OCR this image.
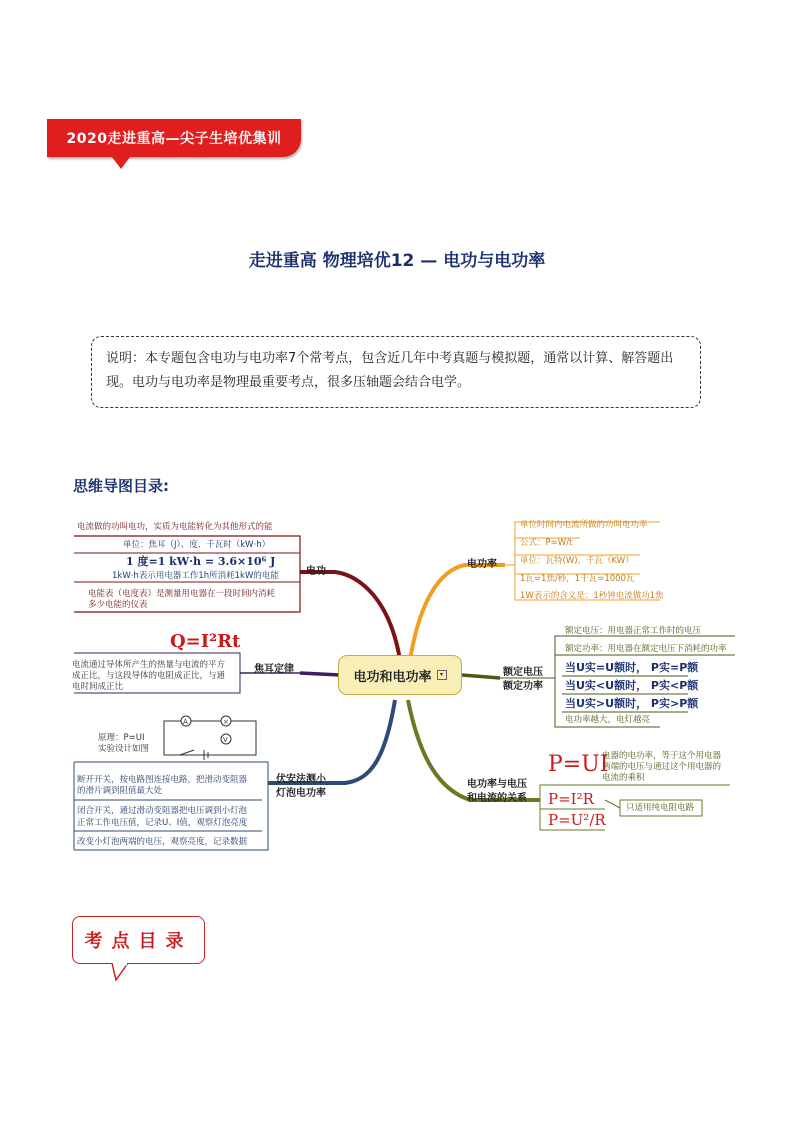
2020走进重高—尖子生培优集训
走进重高 物理培优12 — 电功与电功率
说明：本专题包含电功与电功率7个常考点，包含近几年中考真题与模拟题，通常以计算、解答题出现。电功与电功率是物理最重要考点，很多压轴题会结合电学。
思维导图目录:
A	×
V
电功和电功率	▾
电功
电流做的功叫电功，实质为电能转化为其他形式的能
单位：焦耳（J）、度、千瓦时（kW·h）
1 度=1 kW·h = 3.6×10⁶ J
1kW·h表示用电器工作1h所消耗1kW的电能
电能表（电度表）是测量用电器在一段时间内消耗
多少电能的仪表
Q=I²Rt
焦耳定律
电流通过导体所产生的热量与电流的平方
成正比，与这段导体的电阻成正比，与通
电时间成正比
原理：P=UI
实验设计如图
伏安法测小
灯泡电功率
断开开关，按电路图连接电路，把滑动变阻器
的滑片调到阻值最大处
闭合开关，通过滑动变阻器把电压调到小灯泡
正常工作电压值，记录U、I值，观察灯泡亮度
改变小灯泡两端的电压，观察亮度，记录数据
电功率
单位时间内电流所做的功叫电功率
公式：P=W/t
单位：瓦特(W)、千瓦（KW）
1瓦=1焦/秒，1千瓦=1000瓦
1W表示的含义是：1秒钟电流做功1焦
额定电压
额定功率
额定电压：用电器正常工作时的电压
额定功率：用电器在额定电压下消耗的功率
当U实=U额时， P实=P额
当U实<U额时， P实<P额
当U实>U额时， P实>P额
电功率越大，电灯越亮
电功率与电压
和电流的关系
P=UI
电器的电功率，等于这个用电器
两端的电压与通过这个用电器的
电流的乘积
P=I²R
P=U²/R
只适用纯电阻电路
考点目录
